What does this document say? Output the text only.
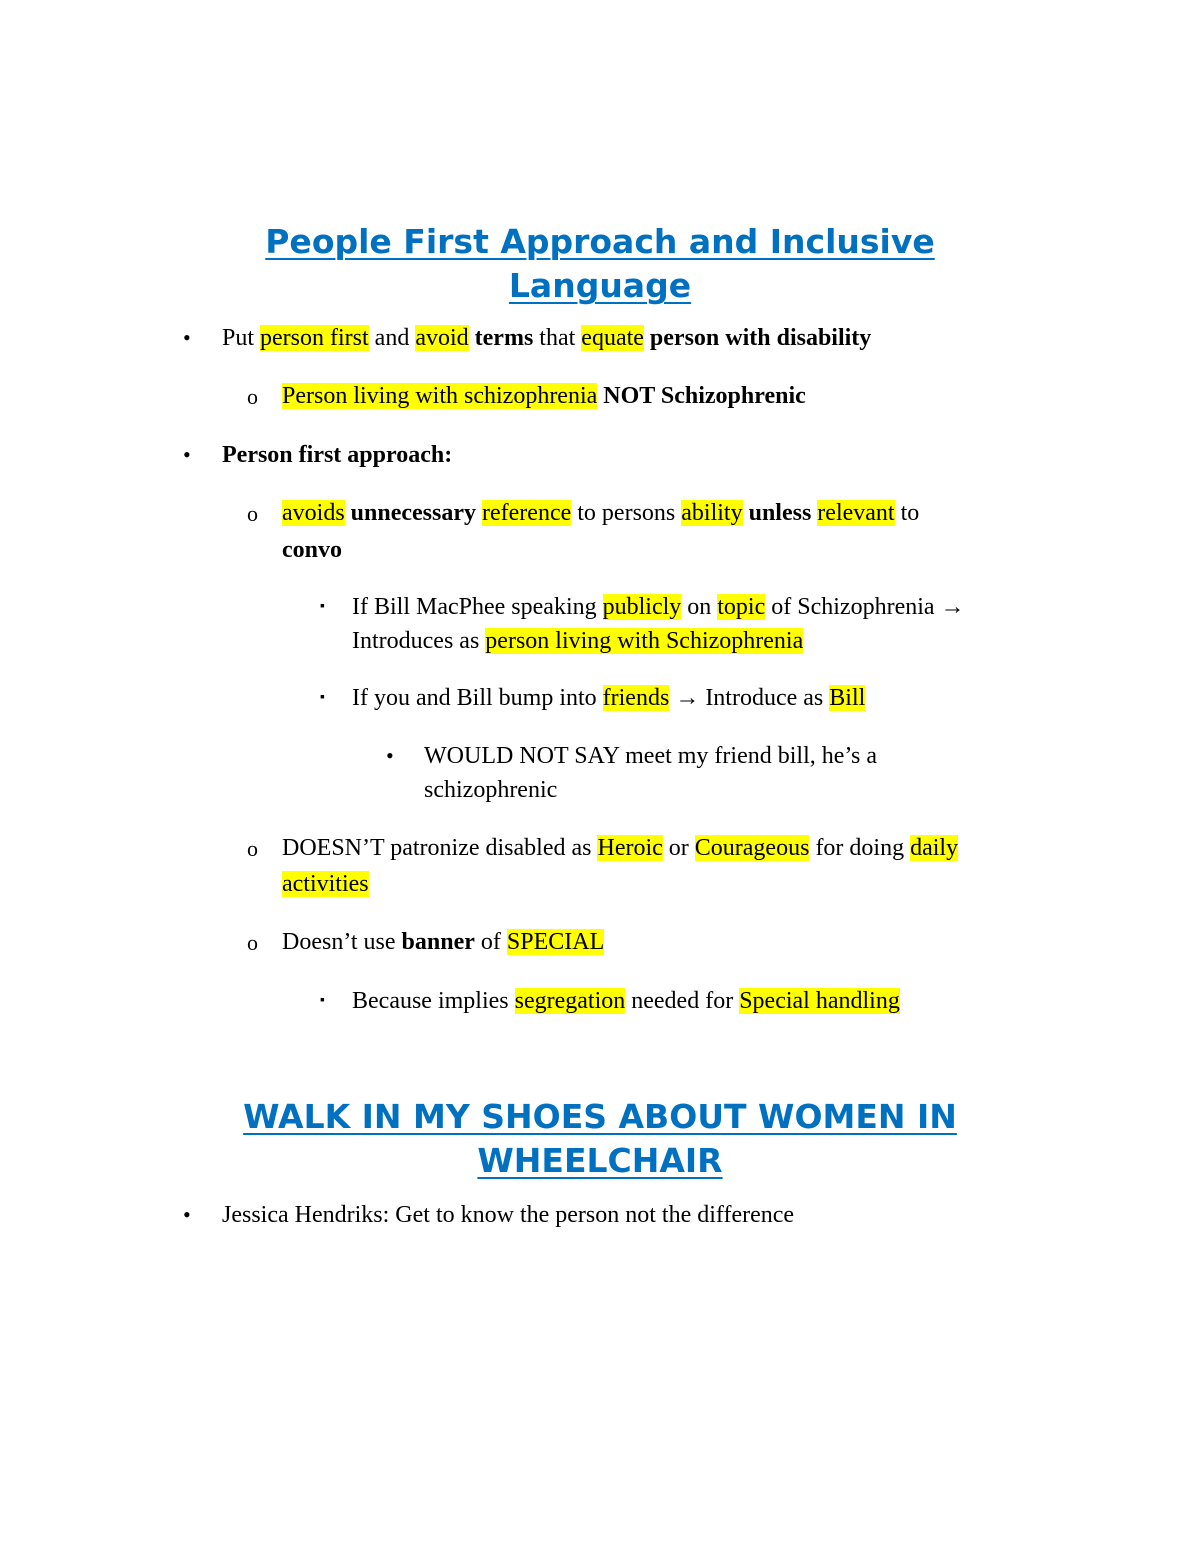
People First Approach and Inclusive
Language
• Put person first and avoid terms that equate person with disability
o Person living with schizophrenia NOT Schizophrenic
• Person first approach:
o avoids unnecessary reference to persons ability unless relevant to
convo
▪ If Bill MacPhee speaking publicly on topic of Schizophrenia →
Introduces as person living with Schizophrenia
▪ If you and Bill bump into friends → Introduce as Bill
• WOULD NOT SAY meet my friend bill, he’s a
schizophrenic
o DOESN’T patronize disabled as Heroic or Courageous for doing daily
activities
o Doesn’t use banner of SPECIAL
▪ Because implies segregation needed for Special handling
WALK IN MY SHOES ABOUT WOMEN IN
WHEELCHAIR
• Jessica Hendriks: Get to know the person not the difference
